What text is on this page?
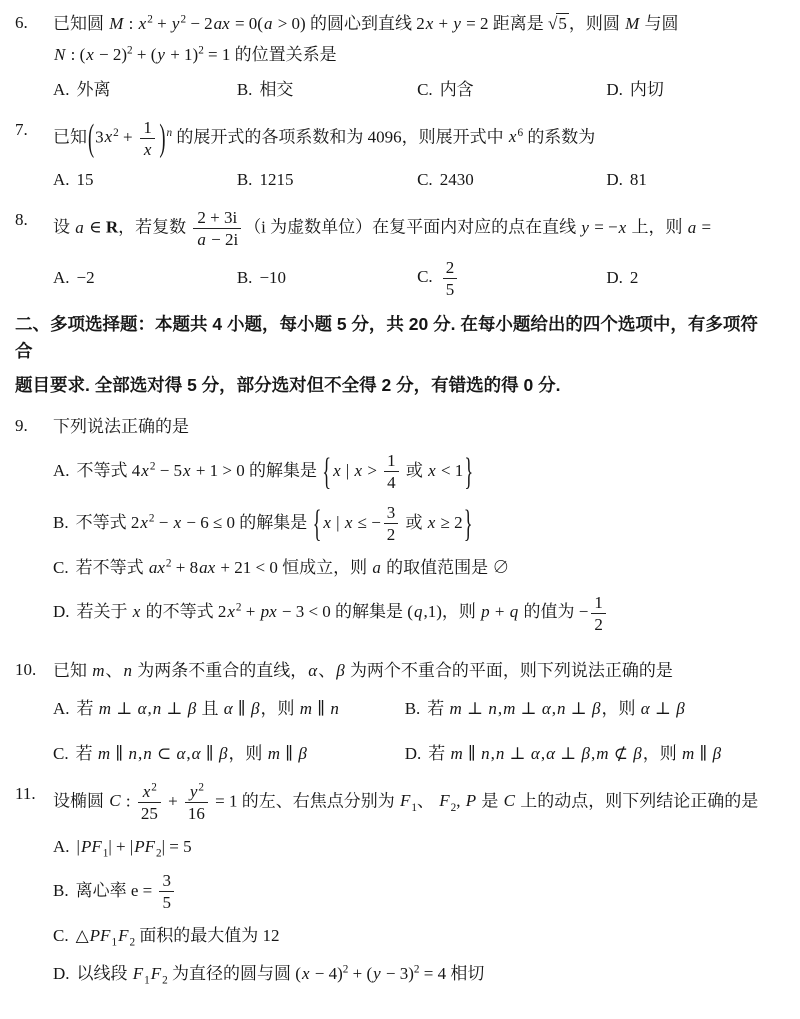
6.	已知圆 M : $x^2 + y^2 - 2ax = 0(a > 0)$ 的圆心到直线 2x + y = 2 距离是 √ 5 ，则圆 M 与圆
N : $(x - 2)^2 + (y + 1)^2 = 1$ 的位置关系是
A. 外离	B. 相交	C. 内含	D. 内切
7.	已知$(3x^2 + \frac{1}{x} )^n$ 的展开式的各项系数和为 4096，则展开式中 $x^6$ 的系数为
A. 15	B. 1215	C. 2430	D. 81
8.	设 a ∈ R，若复数 $\frac{2 + 3i}{a - 2i} (i$ 为虚数单位）在复平面内对应的点在直线 y = −x 上，则 a =
A. −2	B. −10	C. $\frac{2}{5}$	D. 2
二、多项选择题：本题共 4 小题，每小题 5 分，共 20 分. 在每小题给出的四个选项中，有多项符合
题目要求. 全部选对得 5 分，部分选对但不全得 2 分，有错选的得 0 分.
9.	下列说法正确的是
A. 不等式 $4x^2 - 5x + 1 > 0$ 的解集是 { x | $x > \frac{1}{4}$ 或 x < 1}
B. 不等式 $2x^2 - x - 6 \le 0$ 的解集是 { x | x ≤ − $\frac{3}{2}$ 或 x ≥ 2}
C. 若不等式 $ax^2 + 8ax + 21 < 0$ 恒成立，则 a 的取值范围是 ∅
D. 若关于 x 的不等式 $2x^2$ + px − 3 < 0 的解集是 (q,1)，则 p + q 的值为 − $\frac{1}{2}$
10. 已知 m、n 为两条不重合的直线，α、β 为两个不重合的平面，则下列说法正确的是
A. 若 m ⊥ α,n ⊥ β 且 α ∥ β，则 m ∥ n	B. 若 m ⊥ n,m ⊥ α,n ⊥ β，则 α ⊥ β
C. 若 m ∥ n,n ⊂ α,α ∥ β，则 m ∥ β	D. 若 m ∥ n,n ⊥ α,α ⊥ β,m ⊄ β，则 m ∥ β
11.	设椭圆 C : $\frac{x^2}{25} + \frac{y^2}{16} = 1$ 的左、右焦点分别为 $F_1$、 $F_2$, P 是 C 上的动点，则下列结论正确的是
A. $|PF_1| + |PF_2| = 5$
B. 离心率 $e = \frac{3}{5}$
C. $\triangle PF_1F_2$ 面积的最大值为 12
D. 以线段 $F_1F_2$ 为直径的圆与圆 $(x - 4)^2 + (y - 3)^2 = 4$ 相切
